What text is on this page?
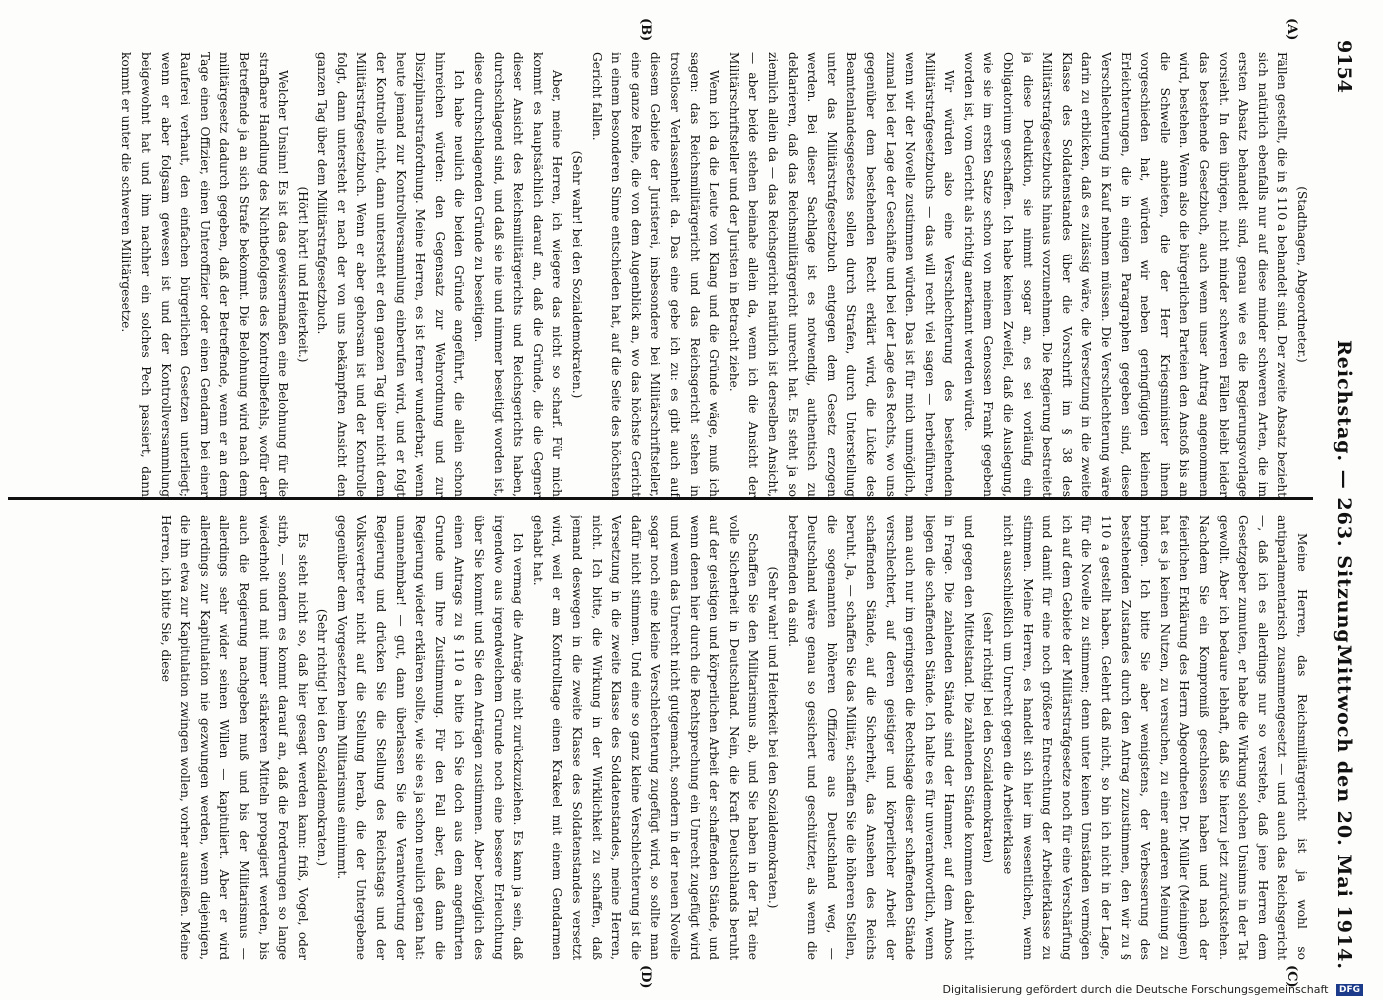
9154
Reichstag. — 263. Sitzung.
Mittwoch den 20. Mai 1914.
(A)
(B)
(C)
(D)

(Stadthagen, Abgeordneter.)

Fällen gestellt, die in § 110 a behandelt sind. Der zweite Absatz bezieht sich natürlich ebenfalls nur auf diese minder schweren Arten, die im ersten Absatz behandelt sind, genau wie es die Regierungsvorlage vorsieht. In den übrigen, nicht minder schweren Fällen bleibt leider das bestehende Gesetzbuch, auch wenn unser Antrag angenommen wird, bestehen. Wenn also die bürgerlichen Parteien den Anstoß bis an die Schwelle anbieten, die der Herr Kriegsminister ihnen vorgeschieden hat, würden wir neben geringfügigen kleinen Erleichterungen, die in einigen Paragraphen gegeben sind, diese Verschlechterung in Kauf nehmen müssen. Die Verschlechterung wäre darin zu erblicken, daß es zulässig wäre, die Versetzung in die zweite Klasse des Soldatenstandes über die Vorschrift im § 38 des Militärstrafgesetzbuchs hinaus vorzunehmen. Die Regierung bestreitet ja diese Deduktion, sie nimmt sogar an, es sei vorläufig ein Obligatorium geschaffen. Ich habe keinen Zweifel, daß die Auslegung, wie sie im ersten Satze schon von meinem Genossen Frank gegeben worden ist, vom Gericht als richtig anerkannt werden würde.

Wir würden also eine Verschlechterung des bestehenden Militärstrafgesetzbuchs — das will recht viel sagen — herbeiführen, wenn wir der Novelle zustimmen würden. Das ist für mich unmöglich, zumal bei der Lage der Geschäfte und bei der Lage des Rechts, wo uns gegenüber dem bestehenden Recht erklärt wird, die Lücke des Beamtenlandesgesetzes sollen durch Strafen, durch Unterstellung unter das Militärstrafgesetzbuch entgegen dem Gesetz erzogen werden. Bei dieser Sachlage ist es notwendig, authentisch zu deklarieren, daß das Reichsmilitärgericht unrecht hat. Es steht ja so ziemlich allein da — das Reichsgericht natürlich ist derselben Ansicht, — aber beide stehen beinahe allein da, wenn ich die Ansicht der Militärschriftsteller und der Juristen in Betracht ziehe.

Wenn ich da die Leute von Klang und die Gründe wäge, muß ich sagen: das Reichsmilitärgericht und das Reichsgericht stehen in trostloser Verlassenheit da. Das eine gebe ich zu: es gibt auch auf diesem Gebiete der Juristerei, insbesondere bei Militärschriftsteller, eine ganze Reihe, die von dem Augenblick an, wo das höchste Gericht in einem besonderen Sinne entschieden hat, auf die Seite des höchsten Gericht fallen.

(Sehr wahr! bei den Sozialdemokraten.)

Aber, meine Herren, ich wiegere das nicht so scharf. Für mich kommt es hauptsächlich darauf an, daß die Gründe, die die Gegner dieser Ansicht des Reichsmilitärgerichts und Reichsgerichts haben, durchschlagend sind, und daß sie nie und nimmer beseitigt worden ist, diese durchschlagenden Gründe zu beseitigen.

Ich habe neulich die beiden Gründe angeführt, die allein schon hinreichen würden: den Gegensatz zur Wehrordnung und zur Disziplinarstrafordnung. Meine Herren, es ist ferner wunderbar, wenn heute jemand zur Kontrollversammlung einberufen wird, und er folgt der Kontrolle nicht, dann untersteht er den ganzen Tag über nicht dem Militärstrafgesetzbuch. Wenn er aber gehorsam ist und der Kontrolle folgt, dann untersteht er nach der von uns bekämpften Ansicht den ganzen Tag über dem Militärstrafgesetzbuch.

(Hört! hört! und Heiterkeit.)

Welcher Unsinn! Es ist das gewissermaßen eine Belohnung für die strafbare Handlung des Nichtbefolgens des Kontrollbefehls, wofür der Betreffende ja an sich Strafe bekommt. Die Belohnung wird nach dem militärgesetz dadurch gegeben, daß der Betreffende, wenn er an dem Tage einen Offizier, einen Unteroffizier oder einen Gendarm bei einer Rauferei verhaut, den einfachen bürgerlichen Gesetzen unterliegt; wenn er aber folgsam gewesen ist und der Kontrollversammlung beigewohnt hat und ihm nachher ein solches Pech passiert, dann kommt er unter die schweren Militärgesetze.

Meine Herren, das Reichsmilitärgericht ist ja wohl so antiparlamentarisch zusammengesetzt — und auch das Reichsgericht —, daß ich es allerdings nur so verstehe, daß jene Herren dem Gesetzgeber zumuten, er habe die Wirkung solchen Unsinns in der Tat gewollt. Aber ich bedaure lebhaft, daß Sie hierzu jetzt zurückstehen. Nachdem Sie ein Kompromiß geschlossen haben und nach der feierlichen Erklärung des Herrn Abgeordneten Dr. Müller (Meiningen) hat es ja keinen Nutzen, zu versuchen, zu einer anderen Meinung zu bringen. Ich bitte Sie aber wenigstens, der Verbesserung des bestehenden Zustandes durch den Antrag zuzustimmen, den wir zu § 110 a gestellt haben. Gelehrt daß nicht, so bin ich nicht in der Lage, für die Novelle zu stimmen; denn unter keinen Umständen vermögen ich auf dem Gebiete der Militärstrafgesetze noch für eine Verschärfung und damit für eine noch größere Entrechtung der Arbeiterklasse zu stimmen. Meine Herren, es handelt sich hier im wesentlichen, wenn nicht ausschließlich um Unrecht gegen die Arbeiterklasse

(sehr richtig! bei den Sozialdemokraten)

und gegen den Mittelstand. Die zahlenden Stände kommen dabei nicht in Frage. Die zahlenden Stände sind der Hammer, auf dem Ambos liegen die schaffenden Stände. Ich halte es für unverantwortlich, wenn man auch nur im geringsten die Rechtslage dieser schaffenden Stände verschlechtert, auf deren geistiger und körperlicher Arbeit der schaffenden Stände, auf die Sicherheit, das Ansehen des Reichs beruht. Ja, — schaffen Sie das Militär, schaffen Sie die höheren Stellen, die sogenannten höheren Offiziere aus Deutschland weg, — Deutschland wäre genau so gesichert und geschützter, als wenn die betreffenden da sind.

(Sehr wahr! und Heiterkeit bei den Sozialdemokraten.)

Schaffen Sie den Militarismus ab, und Sie haben in der Tat eine volle Sicherheit in Deutschland. Nein, die Kraft Deutschlands beruht auf der geistigen und körperlichen Arbeit der schaffenden Stände, und wenn denen hier durch die Rechtsprechung ein Unrecht zugefügt wird und wenn das Unrecht nicht gutgemacht, sondern in der neuen Novelle sogar noch eine kleine Verschlechterung zugefügt wird, so sollte man dafür nicht stimmen. Und eine so ganz kleine Verschlechterung ist die Versetzung in die zweite Klasse des Soldatenstandes, meine Herren, nicht. Ich bitte, die Wirkung in der Wirklichkeit zu schaffen, daß jemand deswegen in die zweite Klasse des Soldatenstandes versetzt wird, weil er am Kontrolltage einen Krakeel mit einem Gendarmen gehabt hat.

Ich vermag die Anträge nicht zurückzuziehen. Es kann ja sein, daß irgendwo aus irgendwelchem Grunde noch eine bessere Erleuchtung über Sie kommt und Sie den Anträgen zustimmen. Aber bezüglich des einen Antrags zu § 110 a bitte ich Sie doch aus dem angeführten Grunde um Ihre Zustimmung. Für den Fall aber, daß dann die Regierung wieder erklären sollte, wie sie es ja schon neulich getan hat: unannehmbar! — gut, dann überlassen Sie die Verantwortung der Regierung und drücken Sie die Stellung des Reichstags und der Volksvertreter nicht auf die Stellung herab, die der Untergebene gegenüber dem Vorgesetzten beim Militarismus einnimmt.

(Sehr richtig! bei den Sozialdemokraten.)

Es steht nicht so, daß hier gesagt werden kann: friß, Vogel, oder stirb, — sondern es kommt darauf an, daß die Forderungen so lange wiederholt und mit immer stärkeren Mitteln propagiert werden, bis auch die Regierung nachgeben muß und bis der Militarismus — allerdings sehr wider seinen Willen — kapituliert. Aber er wird allerdings zur Kapitulation nie gezwungen werden, wenn diejenigen, die ihn etwa zur Kapitulation zwingen wollen, vorher ausreißen. Meine Herren, ich bitte Sie, diese

Digitalisierung gefördert durch die Deutsche Forschungsgemeinschaft DFG
